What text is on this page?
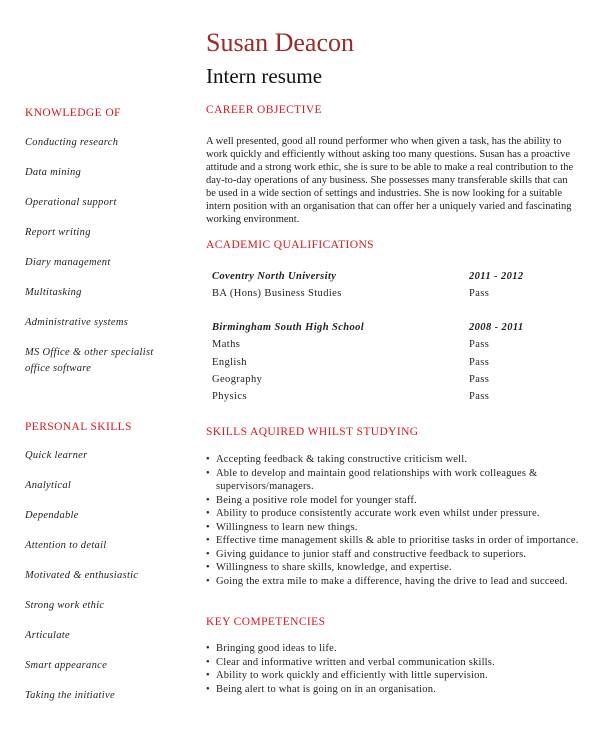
Susan Deacon
Intern resume
KNOWLEDGE OF
PERSONAL SKILLS
CAREER OBJECTIVE
A well presented, good all round performer who when given a task, has the ability to work quickly and efficiently without asking too many questions. Susan has a proactive attitude and a strong work ethic, she is sure to be able to make a real contribution to the day-to-day operations of any business. She possesses many transferable skills that can be used in a wide section of settings and industries. She is now looking for a suitable intern position with an organisation that can offer her a uniquely varied and fascinating working environment.
ACADEMIC QUALIFICATIONS
SKILLS AQUIRED WHILST STUDYING
• Accepting feedback & taking constructive criticism well.
• Able to develop and maintain good relationships with work colleagues & supervisors/managers.
• Being a positive role model for younger staff.
• Ability to produce consistently accurate work even whilst under pressure.
• Willingness to learn new things.
• Effective time management skills & able to prioritise tasks in order of importance.
• Giving guidance to junior staff and constructive feedback to superiors.
• Willingness to share skills, knowledge, and expertise.
• Going the extra mile to make a difference, having the drive to lead and succeed.
KEY COMPETENCIES
• Bringing good ideas to life.
• Clear and informative written and verbal communication skills.
• Ability to work quickly and efficiently with little supervision.
• Being alert to what is going on in an organisation.
Conducting research
Data mining
Operational support
Report writing
Diary management
Multitasking
Administrative systems
MS Office & other specialist office software
Quick learner
Analytical
Dependable
Attention to detail
Motivated & enthusiastic
Strong work ethic
Articulate
Smart appearance
Taking the initiative
Coventry North University	2011 - 2012
BA (Hons) Business Studies	Pass
Birmingham South High School	2008 - 2011
Maths	Pass
English	Pass
Geography	Pass
Physics	Pass
